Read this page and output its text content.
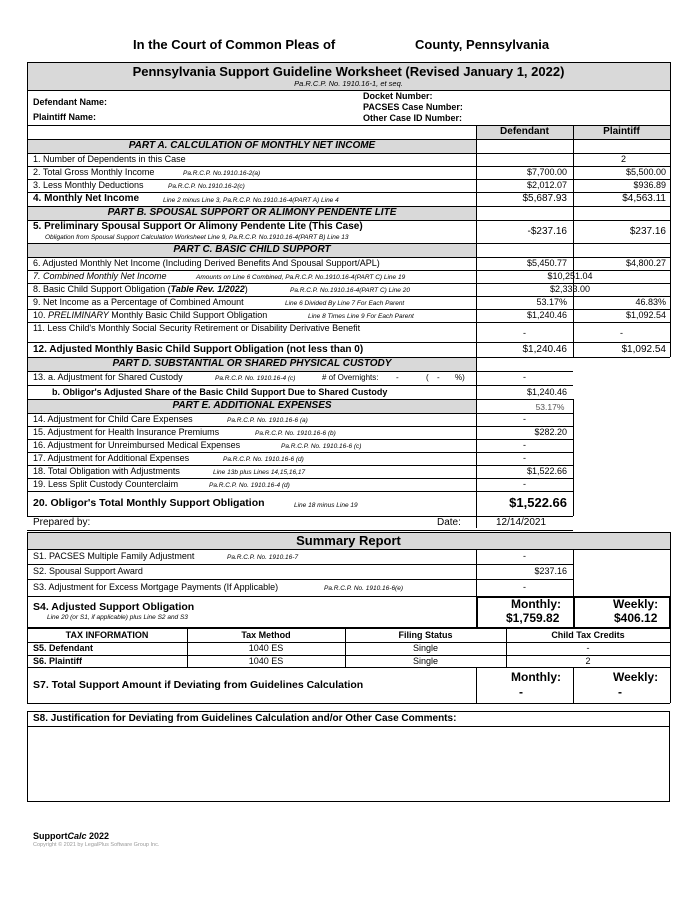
In the Court of Common Pleas of	County, Pennsylvania
Pennsylvania Support Guideline Worksheet (Revised January 1, 2022)
Pa.R.C.P. No. 1910.16-1, et seq.
Defendant Name:
Plaintiff Name:
Docket Number:
PACSES Case Number:
Other Case ID Number:
Defendant	Plaintiff
PART A. CALCULATION OF MONTHLY NET INCOME
1. Number of Dependents in this Case	2
2. Total Gross Monthly Income	Pa.R.C.P. No.1910.16-2(a)	$7,700.00	$5,500.00
3. Less Monthly Deductions	Pa.R.C.P. No.1910.16-2(c)	$2,012.07	$936.89
4. Monthly Net Income	Line 2 minus Line 3, Pa.R.C.P. No.1910.16-4(PART A) Line 4	$5,687.93	$4,563.11
PART B. SPOUSAL SUPPORT OR ALIMONY PENDENTE LITE
5. Preliminary Spousal Support Or Alimony Pendente Lite (This Case)
Obligation from Spousal Support Calculation Worksheet Line 9, Pa.R.C.P. No.1910.16-4(PART B) Line 13
-$237.16	$237.16
PART C. BASIC CHILD SUPPORT
6. Adjusted Monthly Net Income (Including Derived Benefits And Spousal Support/APL)	$5,450.77	$4,800.27
7. Combined Monthly Net Income	Amounts on Line 6 Combined, Pa.R.C.P. No.1910.16-4(PART C) Line 19	$10,251.04
8. Basic Child Support Obligation (Table Rev. 1/2022)	Pa.R.C.P. No.1910.16-4(PART C) Line 20	$2,333.00
9. Net Income as a Percentage of Combined Amount	Line 6 Divided By Line 7 For Each Parent	53.17%	46.83%
10. PRELIMINARY Monthly Basic Child Support Obligation	Line 8 Times Line 9 For Each Parent	$1,240.46	$1,092.54
11. Less Child's Monthly Social Security Retirement or Disability Derivative Benefit	-	-
12. Adjusted Monthly Basic Child Support Obligation (not less than 0)	$1,240.46	$1,092.54
PART D. SUBSTANTIAL OR SHARED PHYSICAL CUSTODY
13. a. Adjustment for Shared Custody	Pa.R.C.P. No. 1910.16-4 (c)	# of Overnights: -	( - %)	-
b. Obligor's Adjusted Share of the Basic Child Support Due to Shared Custody	$1,240.46
PART E. ADDITIONAL EXPENSES	53.17%
14. Adjustment for Child Care Expenses	Pa.R.C.P. No. 1910.16-6 (a)	-
15. Adjustment for Health Insurance Premiums	Pa.R.C.P. No. 1910.16-6 (b)	$282.20
16. Adjustment for Unreimbursed Medical Expenses	Pa.R.C.P. No. 1910.16-6 (c)	-
17. Adjustment for Additional Expenses	Pa.R.C.P. No. 1910.16-6 (d)	-
18. Total Obligation with Adjustments	Line 13b plus Lines 14,15,16,17	$1,522.66
19. Less Split Custody Counterclaim	Pa.R.C.P. No. 1910.16-4 (d)	-
20. Obligor's Total Monthly Support Obligation	Line 18 minus Line 19	$1,522.66
Prepared by:	Date:	12/14/2021
Summary Report
S1. PACSES Multiple Family Adjustment	Pa.R.C.P. No. 1910.16-7	-
S2. Spousal Support Award	$237.16
S3. Adjustment for Excess Mortgage Payments (If Applicable)	Pa.R.C.P. No. 1910.16-6(e)	-
S4. Adjusted Support Obligation
Line 20 (or S1, if applicable) plus Line S2 and S3
Monthly:	Weekly:
$1,759.82	$406.12
TAX INFORMATION	Tax Method	Filing Status	Child Tax Credits
S5. Defendant	1040 ES	Single	-
S6. Plaintiff	1040 ES	Single	2
S7. Total Support Amount if Deviating from Guidelines Calculation
Monthly:	Weekly:
-	-
S8. Justification for Deviating from Guidelines Calculation and/or Other Case Comments:
SupportCalc 2022
Copyright © 2021 by LegalPlus Software Group Inc.
